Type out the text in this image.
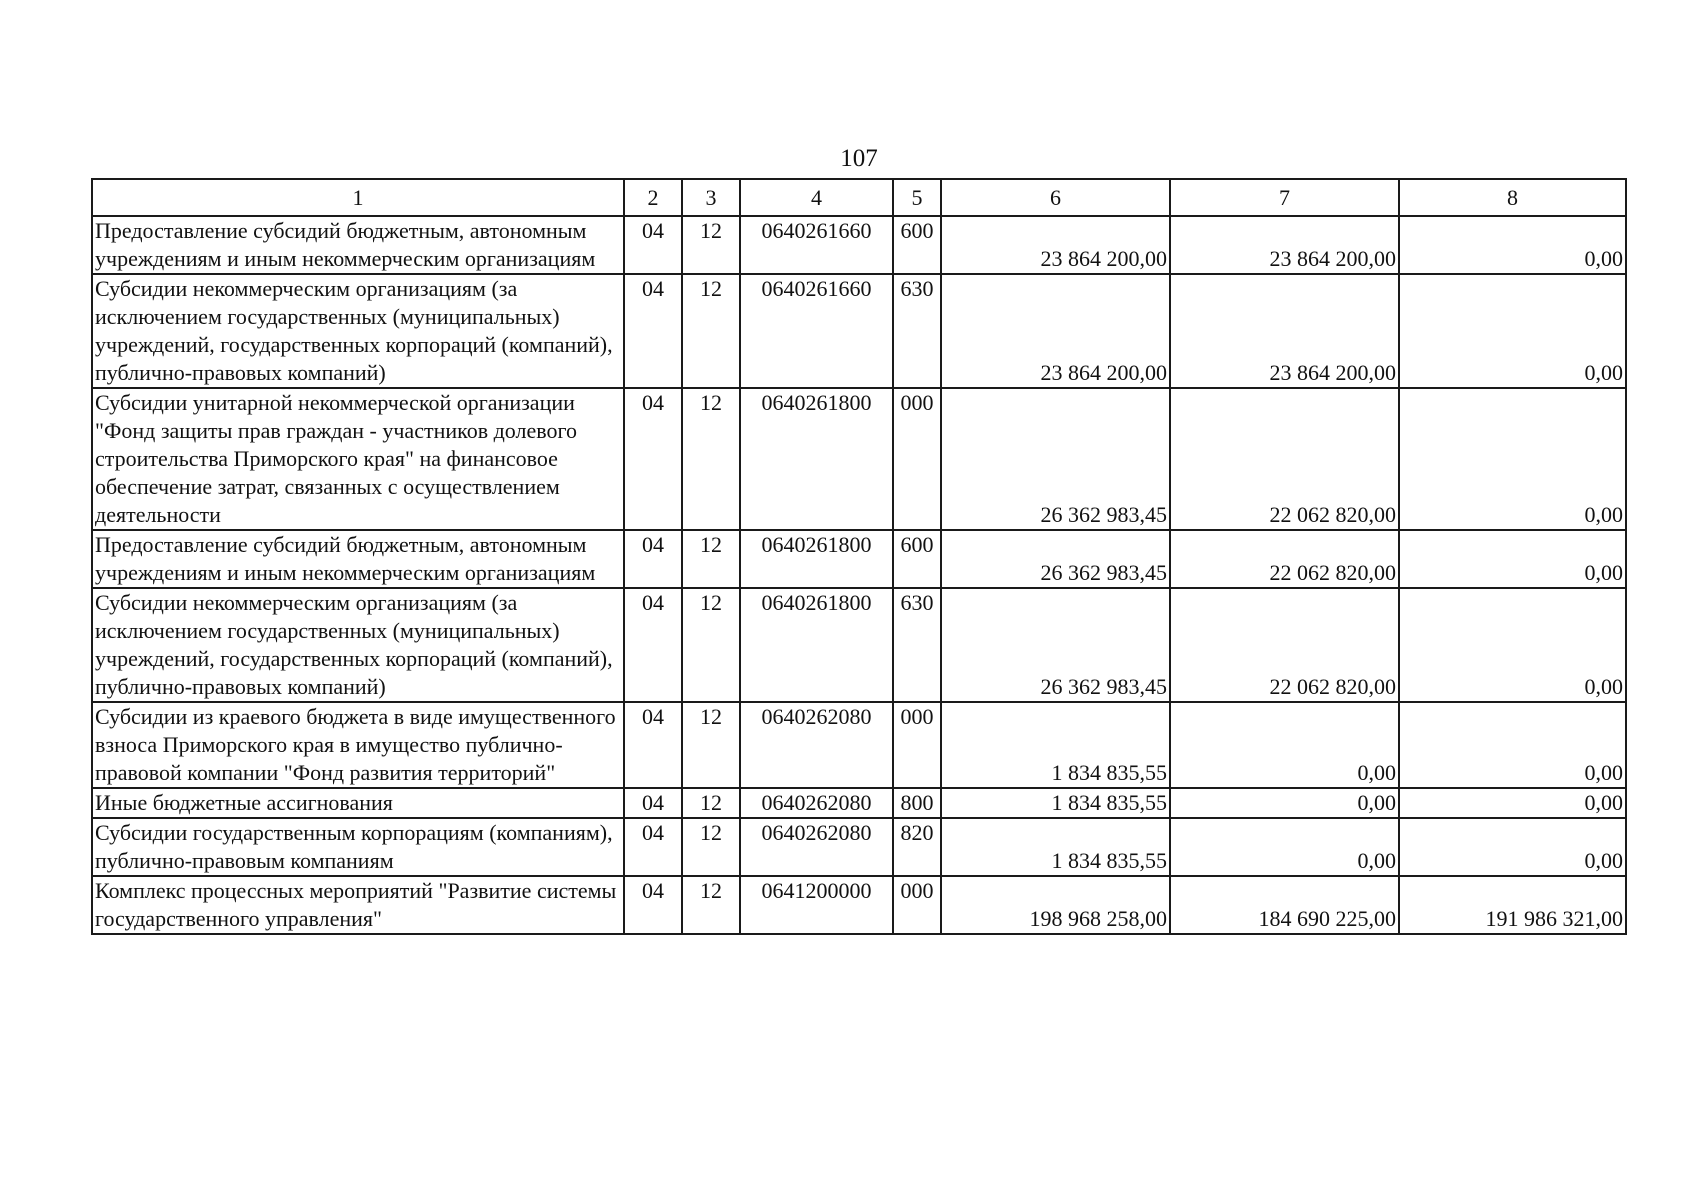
107
1	2	3	4	5	6	7	8
Предоставление субсидий бюджетным, автономным учреждениям и иным некоммерческим организациям	04	12	0640261660	600	23 864 200,00	23 864 200,00	0,00
Субсидии некоммерческим организациям (за исключением государственных (муниципальных) учреждений, государственных корпораций (компаний), публично-правовых компаний)	04	12	0640261660	630	23 864 200,00	23 864 200,00	0,00
Субсидии унитарной некоммерческой организации "Фонд защиты прав граждан - участников долевого строительства Приморского края" на финансовое обеспечение затрат, связанных с осуществлением деятельности	04	12	0640261800	000	26 362 983,45	22 062 820,00	0,00
Предоставление субсидий бюджетным, автономным учреждениям и иным некоммерческим организациям	04	12	0640261800	600	26 362 983,45	22 062 820,00	0,00
Субсидии некоммерческим организациям (за исключением государственных (муниципальных) учреждений, государственных корпораций (компаний), публично-правовых компаний)	04	12	0640261800	630	26 362 983,45	22 062 820,00	0,00
Субсидии из краевого бюджета в виде имущественного взноса Приморского края в имущество публично-правовой компании "Фонд развития территорий"	04	12	0640262080	000	1 834 835,55	0,00	0,00
Иные бюджетные ассигнования	04	12	0640262080	800	1 834 835,55	0,00	0,00
Субсидии государственным корпорациям (компаниям), публично-правовым компаниям	04	12	0640262080	820	1 834 835,55	0,00	0,00
Комплекс процессных мероприятий "Развитие системы государственного управления"	04	12	0641200000	000	198 968 258,00	184 690 225,00	191 986 321,00
